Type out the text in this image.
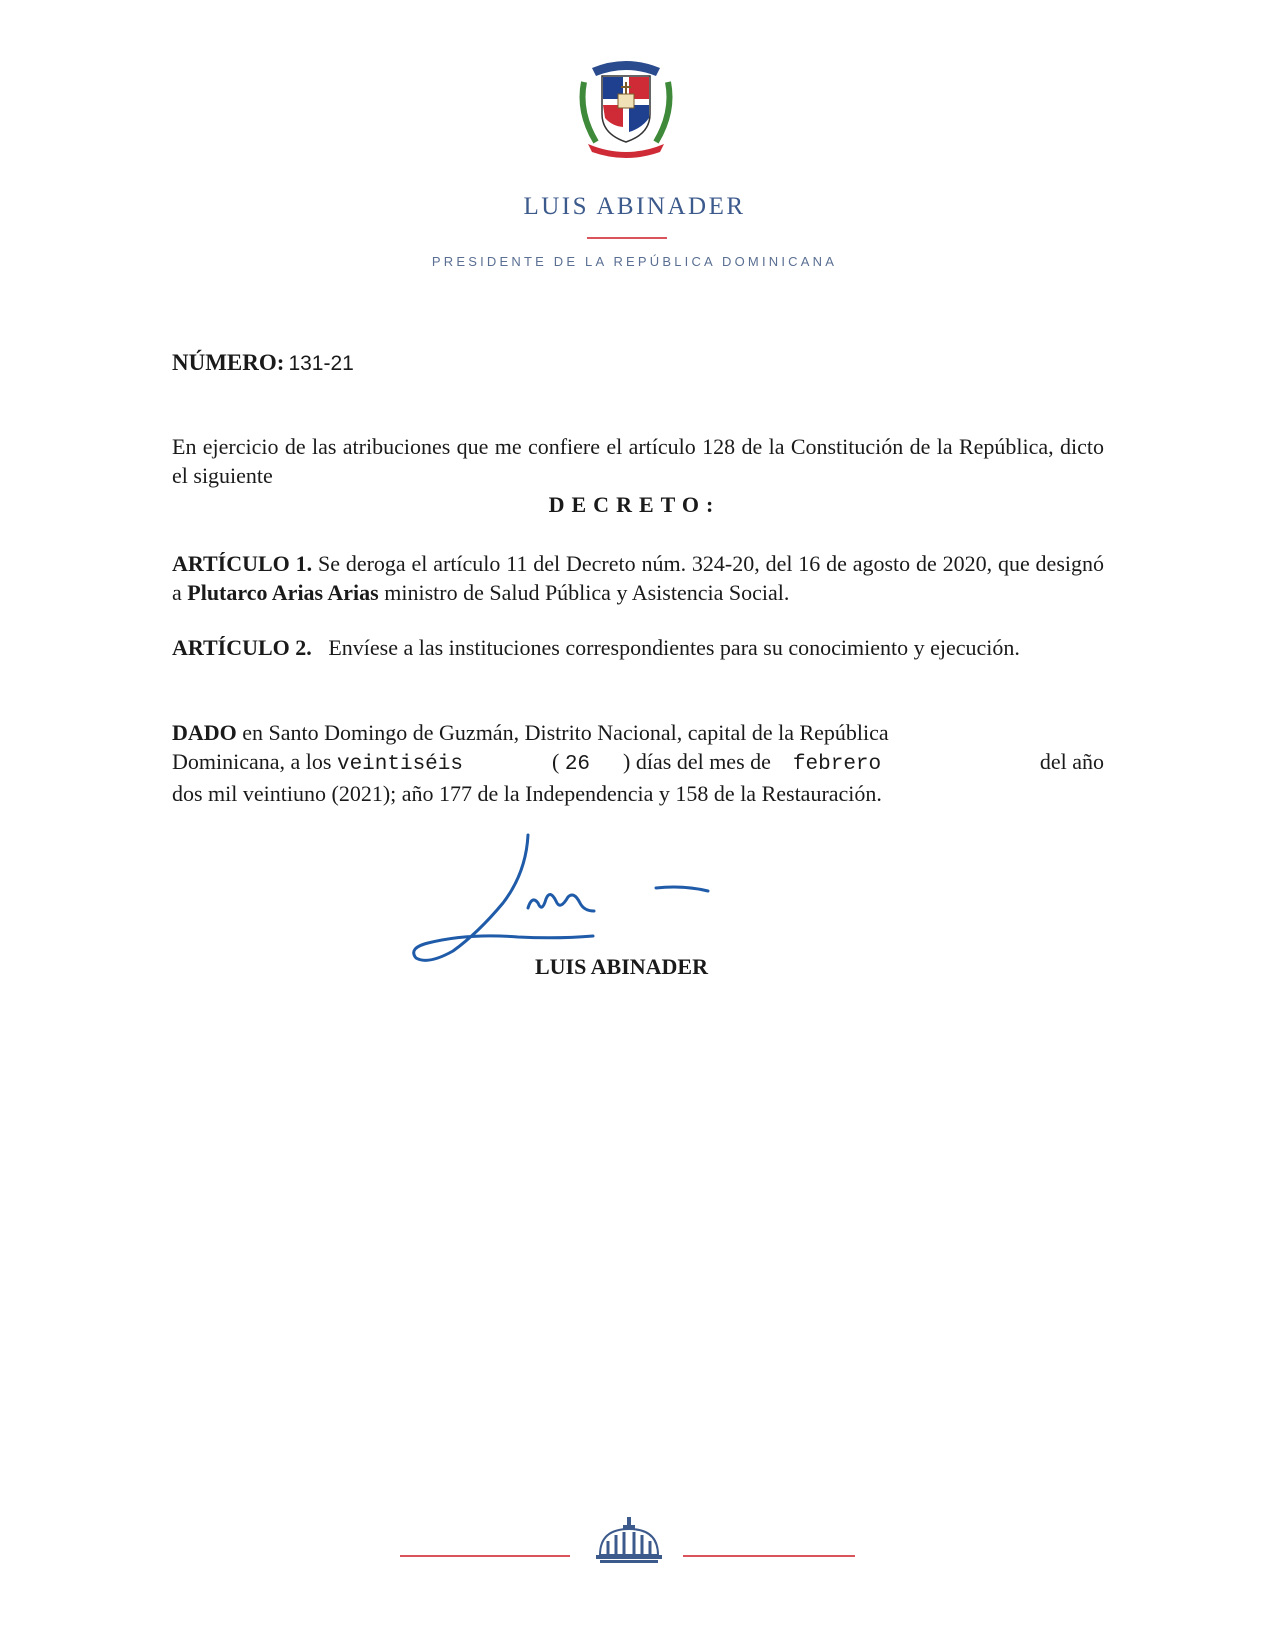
LUIS ABINADER
PRESIDENTE DE LA REPÚBLICA DOMINICANA
NÚMERO: 131-21
En ejercicio de las atribuciones que me confiere el artículo 128 de la Constitución de la República, dicto el siguiente
DECRETO:
ARTÍCULO 1. Se deroga el artículo 11 del Decreto núm. 324-20, del 16 de agosto de 2020, que designó a Plutarco Arias Arias ministro de Salud Pública y Asistencia Social.
ARTÍCULO 2. Envíese a las instituciones correspondientes para su conocimiento y ejecución.
DADO en Santo Domingo de Guzmán, Distrito Nacional, capital de la República
Dominicana, a los veintiséis	( 26 ) días del mes de febrero	del año
dos mil veintiuno (2021); año 177 de la Independencia y 158 de la Restauración.
LUIS ABINADER
